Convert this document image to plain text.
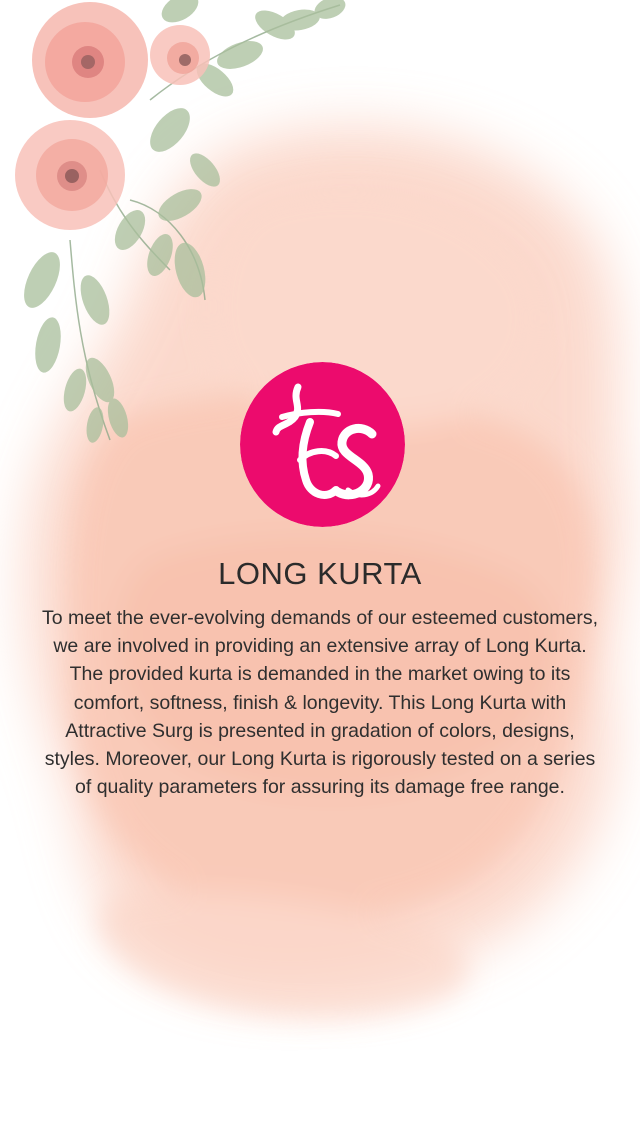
LONG KURTA

To meet the ever-evolving demands of our esteemed customers, we are involved in providing an extensive array of Long Kurta. The provided kurta is demanded in the market owing to its comfort, softness, finish & longevity. This Long Kurta with Attractive Surg is presented in gradation of colors, designs, styles. Moreover, our Long Kurta is rigorously tested on a series of quality parameters for assuring its damage free range.
